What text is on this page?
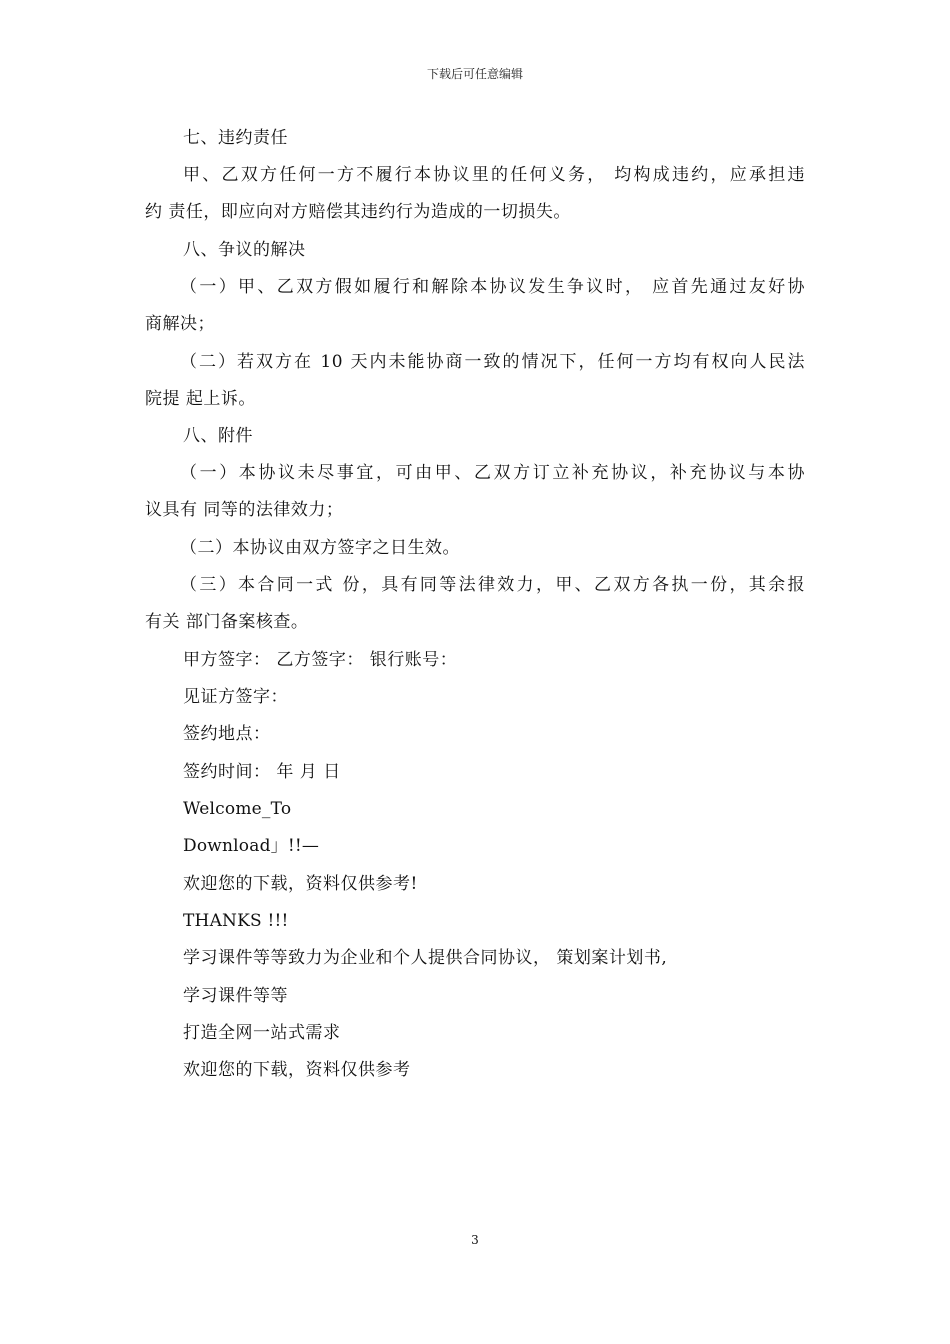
下载后可任意编辑
七、违约责任
甲、乙双方任何一方不履行本协议里的任何义务， 均构成违约，应承担违
约 责任，即应向对方赔偿其违约行为造成的一切损失。
八、争议的解决
（一）甲、乙双方假如履行和解除本协议发生争议时， 应首先通过友好协
商解决；
（二）若双方在 10 天内未能协商一致的情况下，任何一方均有权向人民法
院提 起上诉。
八、附件
（一）本协议未尽事宜，可由甲、乙双方订立补充协议，补充协议与本协
议具有 同等的法律效力；
（二）本协议由双方签字之日生效。
（三）本合同一式 份，具有同等法律效力，甲、乙双方各执一份，其余报
有关 部门备案核查。
甲方签字： 乙方签字： 银行账号：
见证方签字：
签约地点：
签约时间： 年 月 日
Welcome_To
Download」!!—
欢迎您的下载，资料仅供参考!
THANKS !!!
学习课件等等致力为企业和个人提供合同协议， 策划案计划书,
学习课件等等
打造全网一站式需求
欢迎您的下载，资料仅供参考
3
